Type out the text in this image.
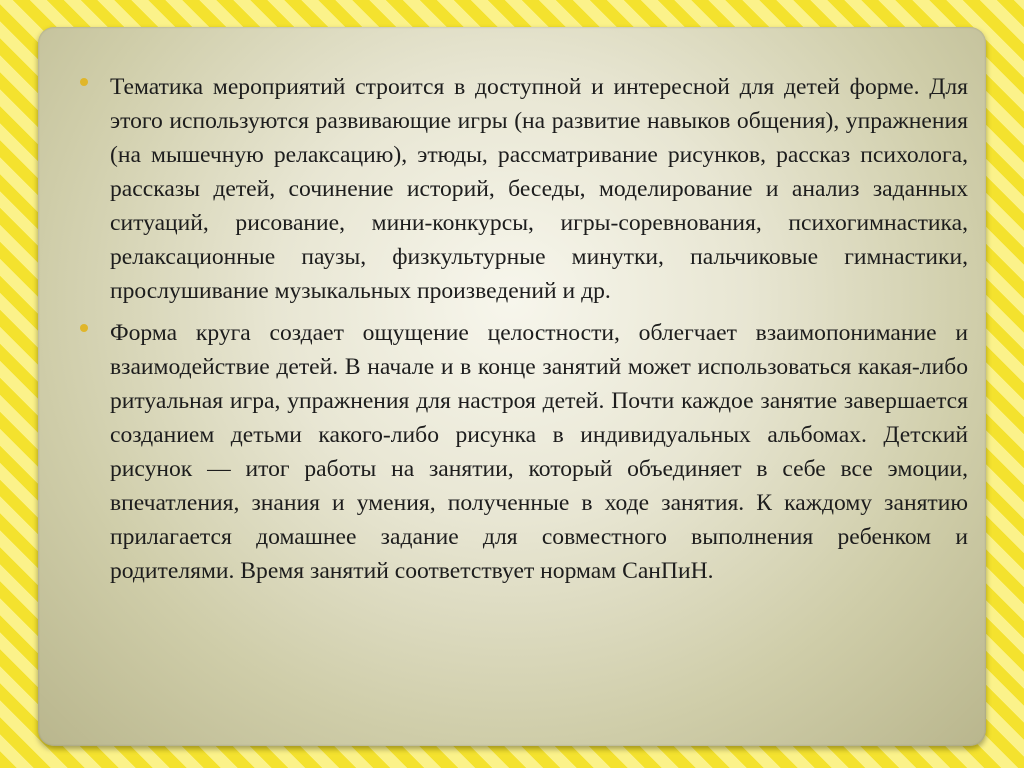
Тематика мероприятий строится в доступной и интересной для детей форме. Для этого используются развивающие игры (на развитие навыков общения), упражнения (на мышечную релаксацию), этюды, рассматривание рисунков, рассказ психолога, рассказы детей, сочинение историй, беседы, моделирование и анализ заданных ситуаций, рисование, мини-конкурсы, игры-соревнования, психогимнастика, релаксационные паузы, физкультурные минутки, пальчиковые гимнастики, прослушивание музыкальных произведений и др.
Форма круга создает ощущение целостности, облегчает взаимопонимание и взаимодействие детей. В начале и в конце занятий может использоваться какая-либо ритуальная игра, упражнения для настроя детей. Почти каждое занятие завершается созданием детьми какого-либо рисунка в индивидуальных альбомах. Детский рисунок ― итог работы на занятии, который объединяет в себе все эмоции, впечатления, знания и умения, полученные в ходе занятия. К каждому занятию прилагается домашнее задание для совместного выполнения ребенком и родителями. Время занятий соответствует нормам СанПиН.
